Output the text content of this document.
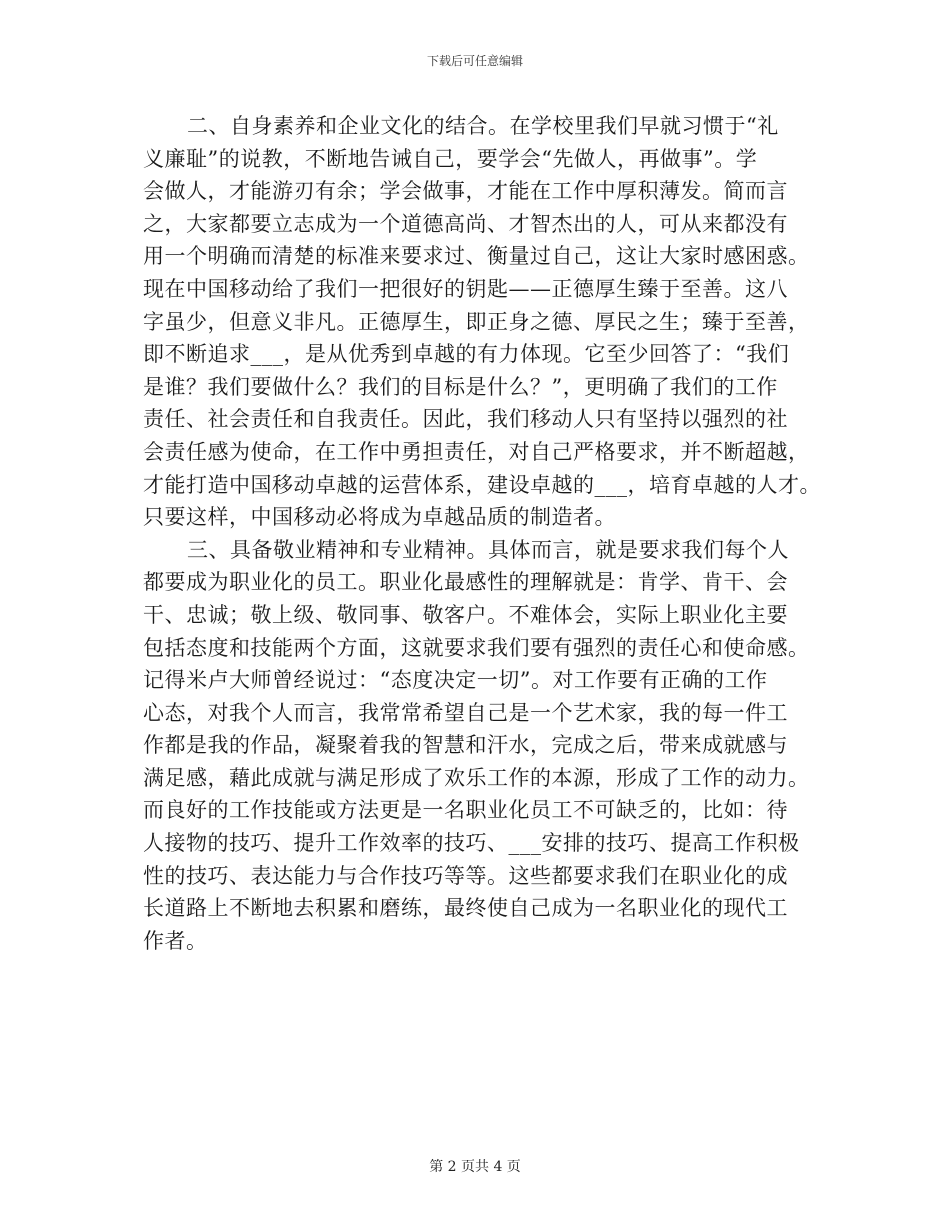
下载后可任意编辑
二、自身素养和企业文化的结合。在学校里我们早就习惯于“礼
义廉耻”的说教，不断地告诫自己，要学会“先做人，再做事”。学
会做人，才能游刃有余；学会做事，才能在工作中厚积薄发。简而言
之，大家都要立志成为一个道德高尚、才智杰出的人，可从来都没有
用一个明确而清楚的标准来要求过、衡量过自己，这让大家时感困惑。
现在中国移动给了我们一把很好的钥匙——正德厚生臻于至善。这八
字虽少，但意义非凡。正德厚生，即正身之德、厚民之生；臻于至善，
即不断追求___，是从优秀到卓越的有力体现。它至少回答了：“我们
是谁？我们要做什么？我们的目标是什么？”，更明确了我们的工作
责任、社会责任和自我责任。因此，我们移动人只有坚持以强烈的社
会责任感为使命，在工作中勇担责任，对自己严格要求，并不断超越，
才能打造中国移动卓越的运营体系，建设卓越的___，培育卓越的人才。
只要这样，中国移动必将成为卓越品质的制造者。
三、具备敬业精神和专业精神。具体而言，就是要求我们每个人
都要成为职业化的员工。职业化最感性的理解就是：肯学、肯干、会
干、忠诚；敬上级、敬同事、敬客户。不难体会，实际上职业化主要
包括态度和技能两个方面，这就要求我们要有强烈的责任心和使命感。
记得米卢大师曾经说过：“态度决定一切”。对工作要有正确的工作
心态，对我个人而言，我常常希望自己是一个艺术家，我的每一件工
作都是我的作品，凝聚着我的智慧和汗水，完成之后，带来成就感与
满足感，藉此成就与满足形成了欢乐工作的本源，形成了工作的动力。
而良好的工作技能或方法更是一名职业化员工不可缺乏的，比如：待
人接物的技巧、提升工作效率的技巧、___安排的技巧、提高工作积极
性的技巧、表达能力与合作技巧等等。这些都要求我们在职业化的成
长道路上不断地去积累和磨练，最终使自己成为一名职业化的现代工
作者。
第 2 页共 4 页
